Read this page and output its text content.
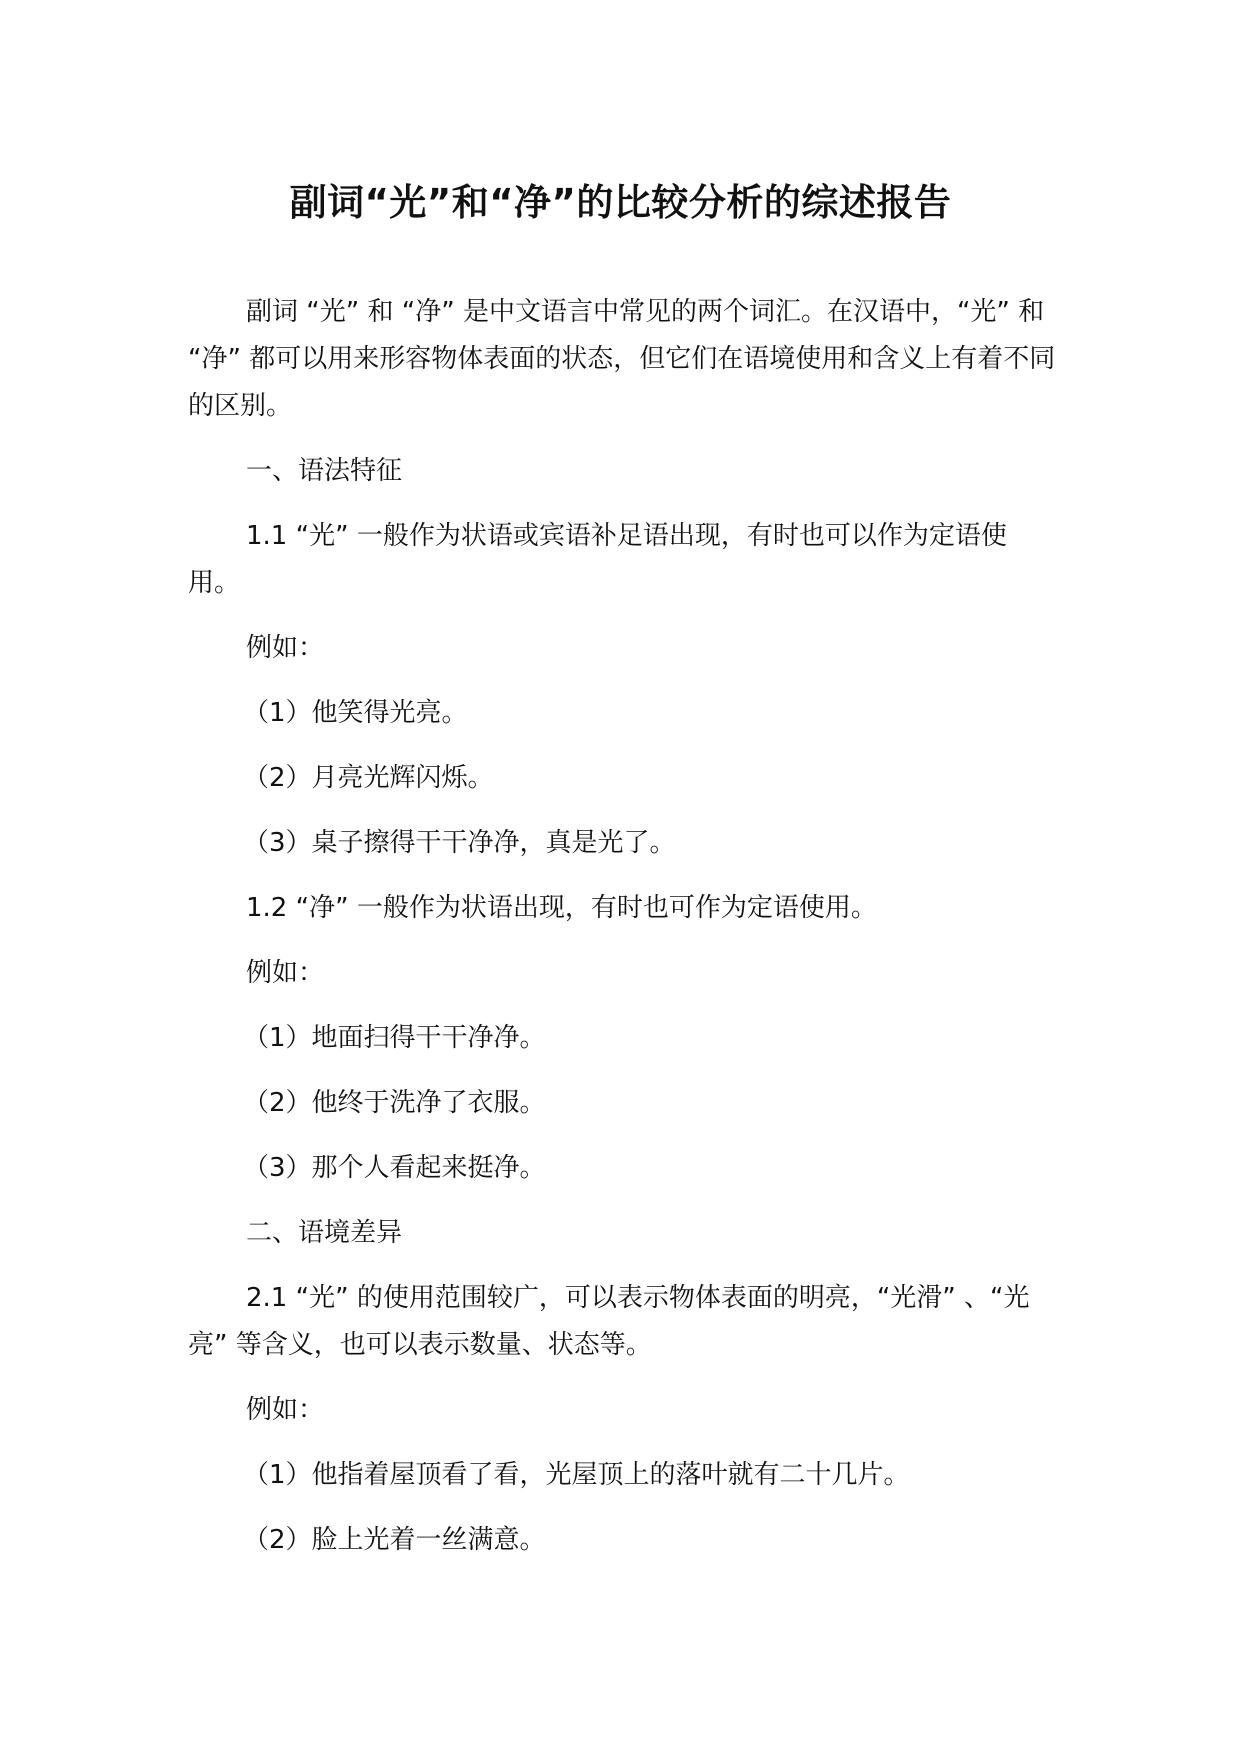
副词“光”和“净”的比较分析的综述报告

副词 “光” 和 “净” 是中文语言中常见的两个词汇。在汉语中，“光” 和 “净” 都可以用来形容物体表面的状态，但它们在语境使用和含义上有着不同的区别。

一、语法特征

1.1 “光” 一般作为状语或宾语补足语出现，有时也可以作为定语使用。

例如：

（1）他笑得光亮。

（2）月亮光辉闪烁。

（3）桌子擦得干干净净，真是光了。

1.2 “净” 一般作为状语出现，有时也可作为定语使用。

例如：

（1）地面扫得干干净净。

（2）他终于洗净了衣服。

（3）那个人看起来挺净。

二、语境差异

2.1 “光” 的使用范围较广，可以表示物体表面的明亮，“光滑” 、“光亮” 等含义，也可以表示数量、状态等。

例如：

（1）他指着屋顶看了看，光屋顶上的落叶就有二十几片。

（2）脸上光着一丝满意。
